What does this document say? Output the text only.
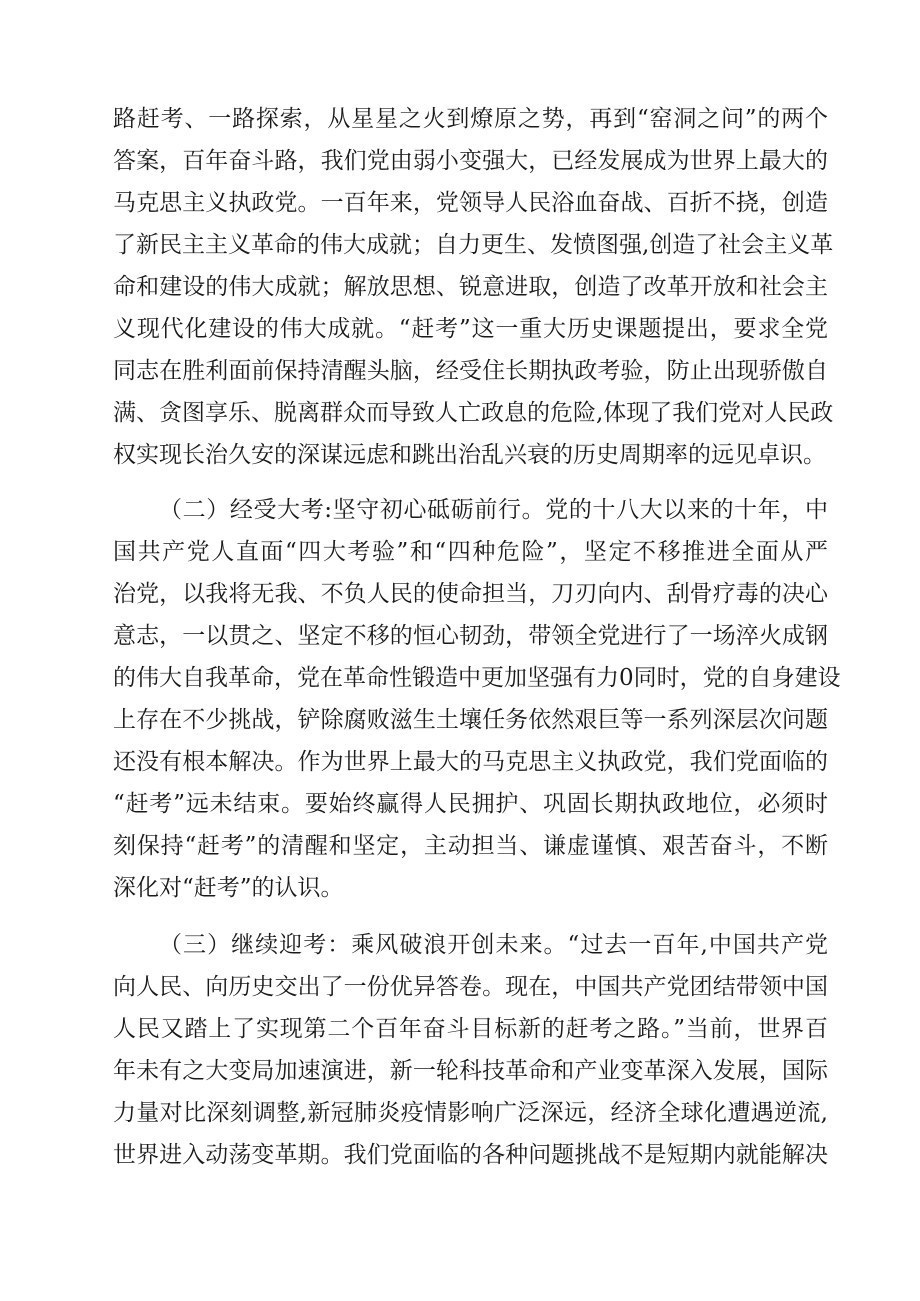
路赶考、一路探索，从星星之火到燎原之势，再到“窑洞之问”的两个
答案，百年奋斗路，我们党由弱小变强大，已经发展成为世界上最大的
马克思主义执政党。一百年来，党领导人民浴血奋战、百折不挠，创造
了新民主主义革命的伟大成就；自力更生、发愤图强,创造了社会主义革
命和建设的伟大成就；解放思想、锐意进取，创造了改革开放和社会主
义现代化建设的伟大成就。“赶考”这一重大历史课题提出，要求全党
同志在胜利面前保持清醒头脑，经受住长期执政考验，防止出现骄傲自
满、贪图享乐、脱离群众而导致人亡政息的危险,体现了我们党对人民政
权实现长治久安的深谋远虑和跳出治乱兴衰的历史周期率的远见卓识。
（二）经受大考:坚守初心砥砺前行。党的十八大以来的十年，中
国共产党人直面“四大考验”和“四种危险”，坚定不移推进全面从严
治党，以我将无我、不负人民的使命担当，刀刃向内、刮骨疗毒的决心
意志，一以贯之、坚定不移的恒心韧劲，带领全党进行了一场淬火成钢
的伟大自我革命，党在革命性锻造中更加坚强有力0同时，党的自身建设
上存在不少挑战，铲除腐败滋生土壤任务依然艰巨等一系列深层次问题
还没有根本解决。作为世界上最大的马克思主义执政党，我们党面临的
“赶考”远未结束。要始终赢得人民拥护、巩固长期执政地位，必须时
刻保持“赶考”的清醒和坚定，主动担当、谦虚谨慎、艰苦奋斗，不断
深化对“赶考”的认识。
（三）继续迎考：乘风破浪开创未来。“过去一百年,中国共产党
向人民、向历史交出了一份优异答卷。现在，中国共产党团结带领中国
人民又踏上了实现第二个百年奋斗目标新的赶考之路。”当前，世界百
年未有之大变局加速演进，新一轮科技革命和产业变革深入发展，国际
力量对比深刻调整,新冠肺炎疫情影响广泛深远，经济全球化遭遇逆流,
世界进入动荡变革期。我们党面临的各种问题挑战不是短期内就能解决
